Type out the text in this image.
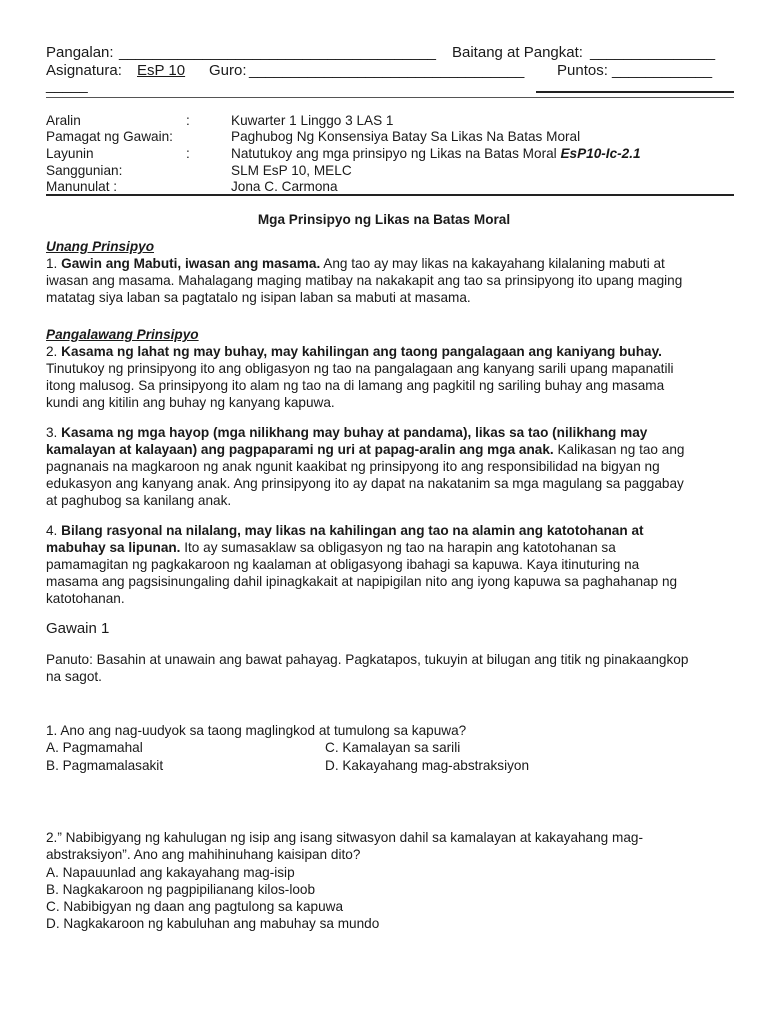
Pangalan: ______________________________________ Baitang at Pangkat: _______________
Asignatura: EsP 10 Guro: _________________________________ Puntos: ____________
_____
Aralin	:	Kuwarter 1 Linggo 3 LAS 1
Pamagat ng Gawain:	Paghubog Ng Konsensiya Batay Sa Likas Na Batas Moral
Layunin	:	Natutukoy ang mga prinsipyo ng Likas na Batas Moral EsP10-Ic-2.1
Sanggunian:	SLM EsP 10, MELC
Manunulat :	Jona C. Carmona
Mga Prinsipyo ng Likas na Batas Moral

Unang Prinsipyo

1. Gawin ang Mabuti, iwasan ang masama. Ang tao ay may likas na kakayahang kilalaning mabuti at

iwasan ang masama. Mahalagang maging matibay na nakakapit ang tao sa prinsipyong ito upang maging

matatag siya laban sa pagtatalo ng isipan laban sa mabuti at masama.

Pangalawang Prinsipyo

2. Kasama ng lahat ng may buhay, may kahilingan ang taong pangalagaan ang kaniyang buhay.

Tinutukoy ng prinsipyong ito ang obligasyon ng tao na pangalagaan ang kanyang sarili upang mapanatili

itong malusog. Sa prinsipyong ito alam ng tao na di lamang ang pagkitil ng sariling buhay ang masama

kundi ang kitilin ang buhay ng kanyang kapuwa.

3. Kasama ng mga hayop (mga nilikhang may buhay at pandama), likas sa tao (nilikhang may

kamalayan at kalayaan) ang pagpaparami ng uri at papag-aralin ang mga anak. Kalikasan ng tao ang

pagnanais na magkaroon ng anak ngunit kaakibat ng prinsipyong ito ang responsibilidad na bigyan ng

edukasyon ang kanyang anak. Ang prinsipyong ito ay dapat na nakatanim sa mga magulang sa paggabay

at paghubog sa kanilang anak.

4. Bilang rasyonal na nilalang, may likas na kahilingan ang tao na alamin ang katotohanan at

mabuhay sa lipunan. Ito ay sumasaklaw sa obligasyon ng tao na harapin ang katotohanan sa

pamamagitan ng pagkakaroon ng kaalaman at obligasyong ibahagi sa kapuwa. Kaya itinuturing na

masama ang pagsisinungaling dahil ipinagkakait at napipigilan nito ang iyong kapuwa sa paghahanap ng

katotohanan.

Gawain 1

Panuto: Basahin at unawain ang bawat pahayag. Pagkatapos, tukuyin at bilugan ang titik ng pinakaangkop

na sagot.

1. Ano ang nag-uudyok sa taong maglingkod at tumulong sa kapuwa?

A. Pagmamahal	C. Kamalayan sa sarili
B. Pagmamalasakit	D. Kakayahang mag-abstraksiyon

2.” Nabibigyang ng kahulugan ng isip ang isang sitwasyon dahil sa kamalayan at kakayahang mag-

abstraksiyon”. Ano ang mahihinuhang kaisipan dito?

A. Napauunlad ang kakayahang mag-isip
B. Nagkakaroon ng pagpipilianang kilos-loob
C. Nabibigyan ng daan ang pagtulong sa kapuwa
D. Nagkakaroon ng kabuluhan ang mabuhay sa mundo
